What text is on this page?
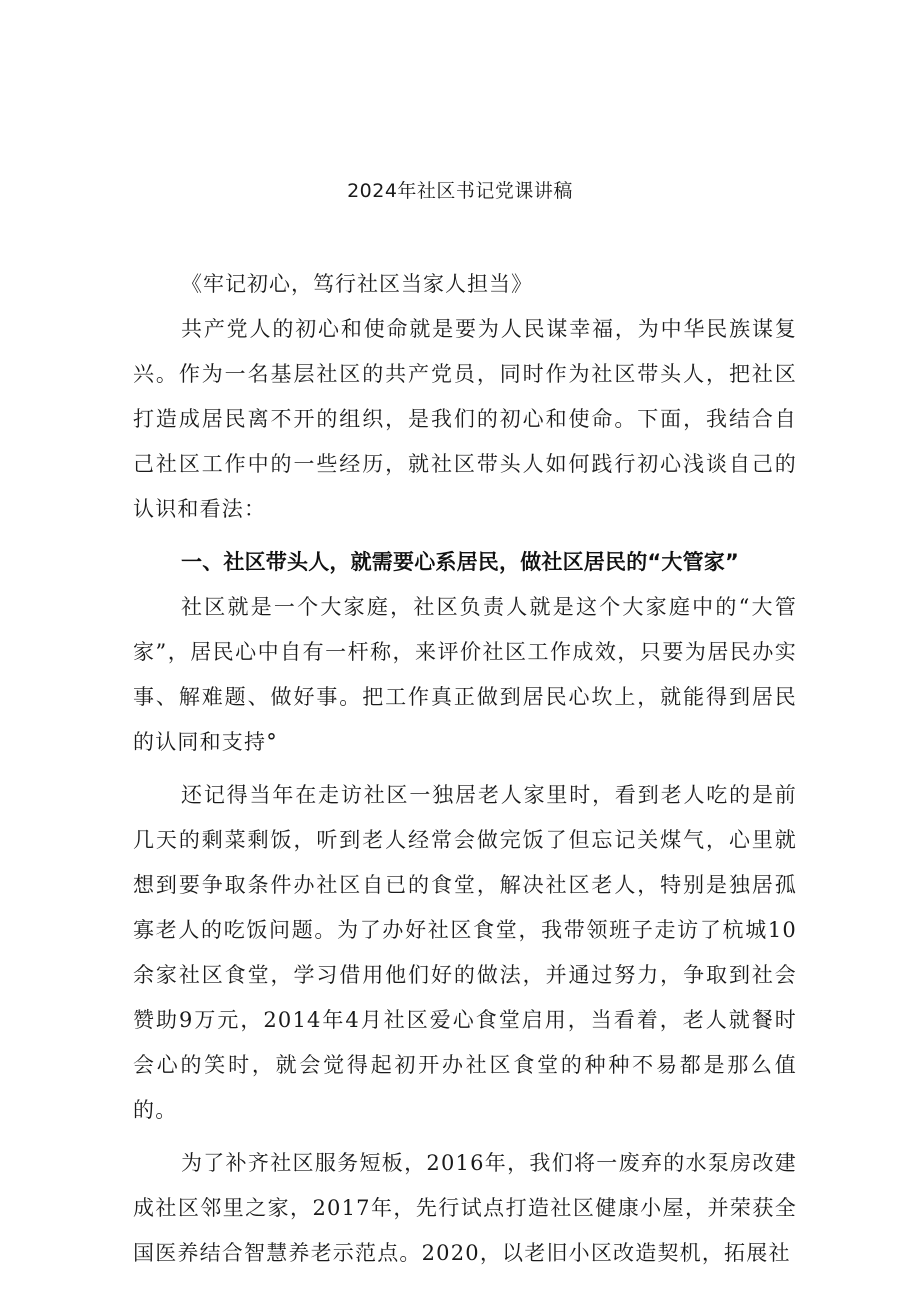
2024年社区书记党课讲稿

《牢记初心，笃行社区当家人担当》

共产党人的初心和使命就是要为人民谋幸福，为中华民族谋复兴。作为一名基层社区的共产党员，同时作为社区带头人，把社区打造成居民离不开的组织，是我们的初心和使命。下面，我结合自己社区工作中的一些经历，就社区带头人如何践行初心浅谈自己的认识和看法：

一、社区带头人，就需要心系居民，做社区居民的“大管家”

社区就是一个大家庭，社区负责人就是这个大家庭中的“大管家”，居民心中自有一杆称，来评价社区工作成效，只要为居民办实事、解难题、做好事。把工作真正做到居民心坎上，就能得到居民的认同和支持°

还记得当年在走访社区一独居老人家里时，看到老人吃的是前几天的剩菜剩饭，听到老人经常会做完饭了但忘记关煤气，心里就想到要争取条件办社区自已的食堂，解决社区老人，特别是独居孤寡老人的吃饭问题。为了办好社区食堂，我带领班子走访了杭城10余家社区食堂，学习借用他们好的做法，并通过努力，争取到社会赞助9万元，2014年4月社区爱心食堂启用，当看着，老人就餐时会心的笑时，就会觉得起初开办社区食堂的种种不易都是那么值的。

为了补齐社区服务短板，2016年，我们将一废弃的水泵房改建成社区邻里之家，2017年，先行试点打造社区健康小屋，并荣获全国医养结合智慧养老示范点。2020，以老旧小区改造契机，拓展社
